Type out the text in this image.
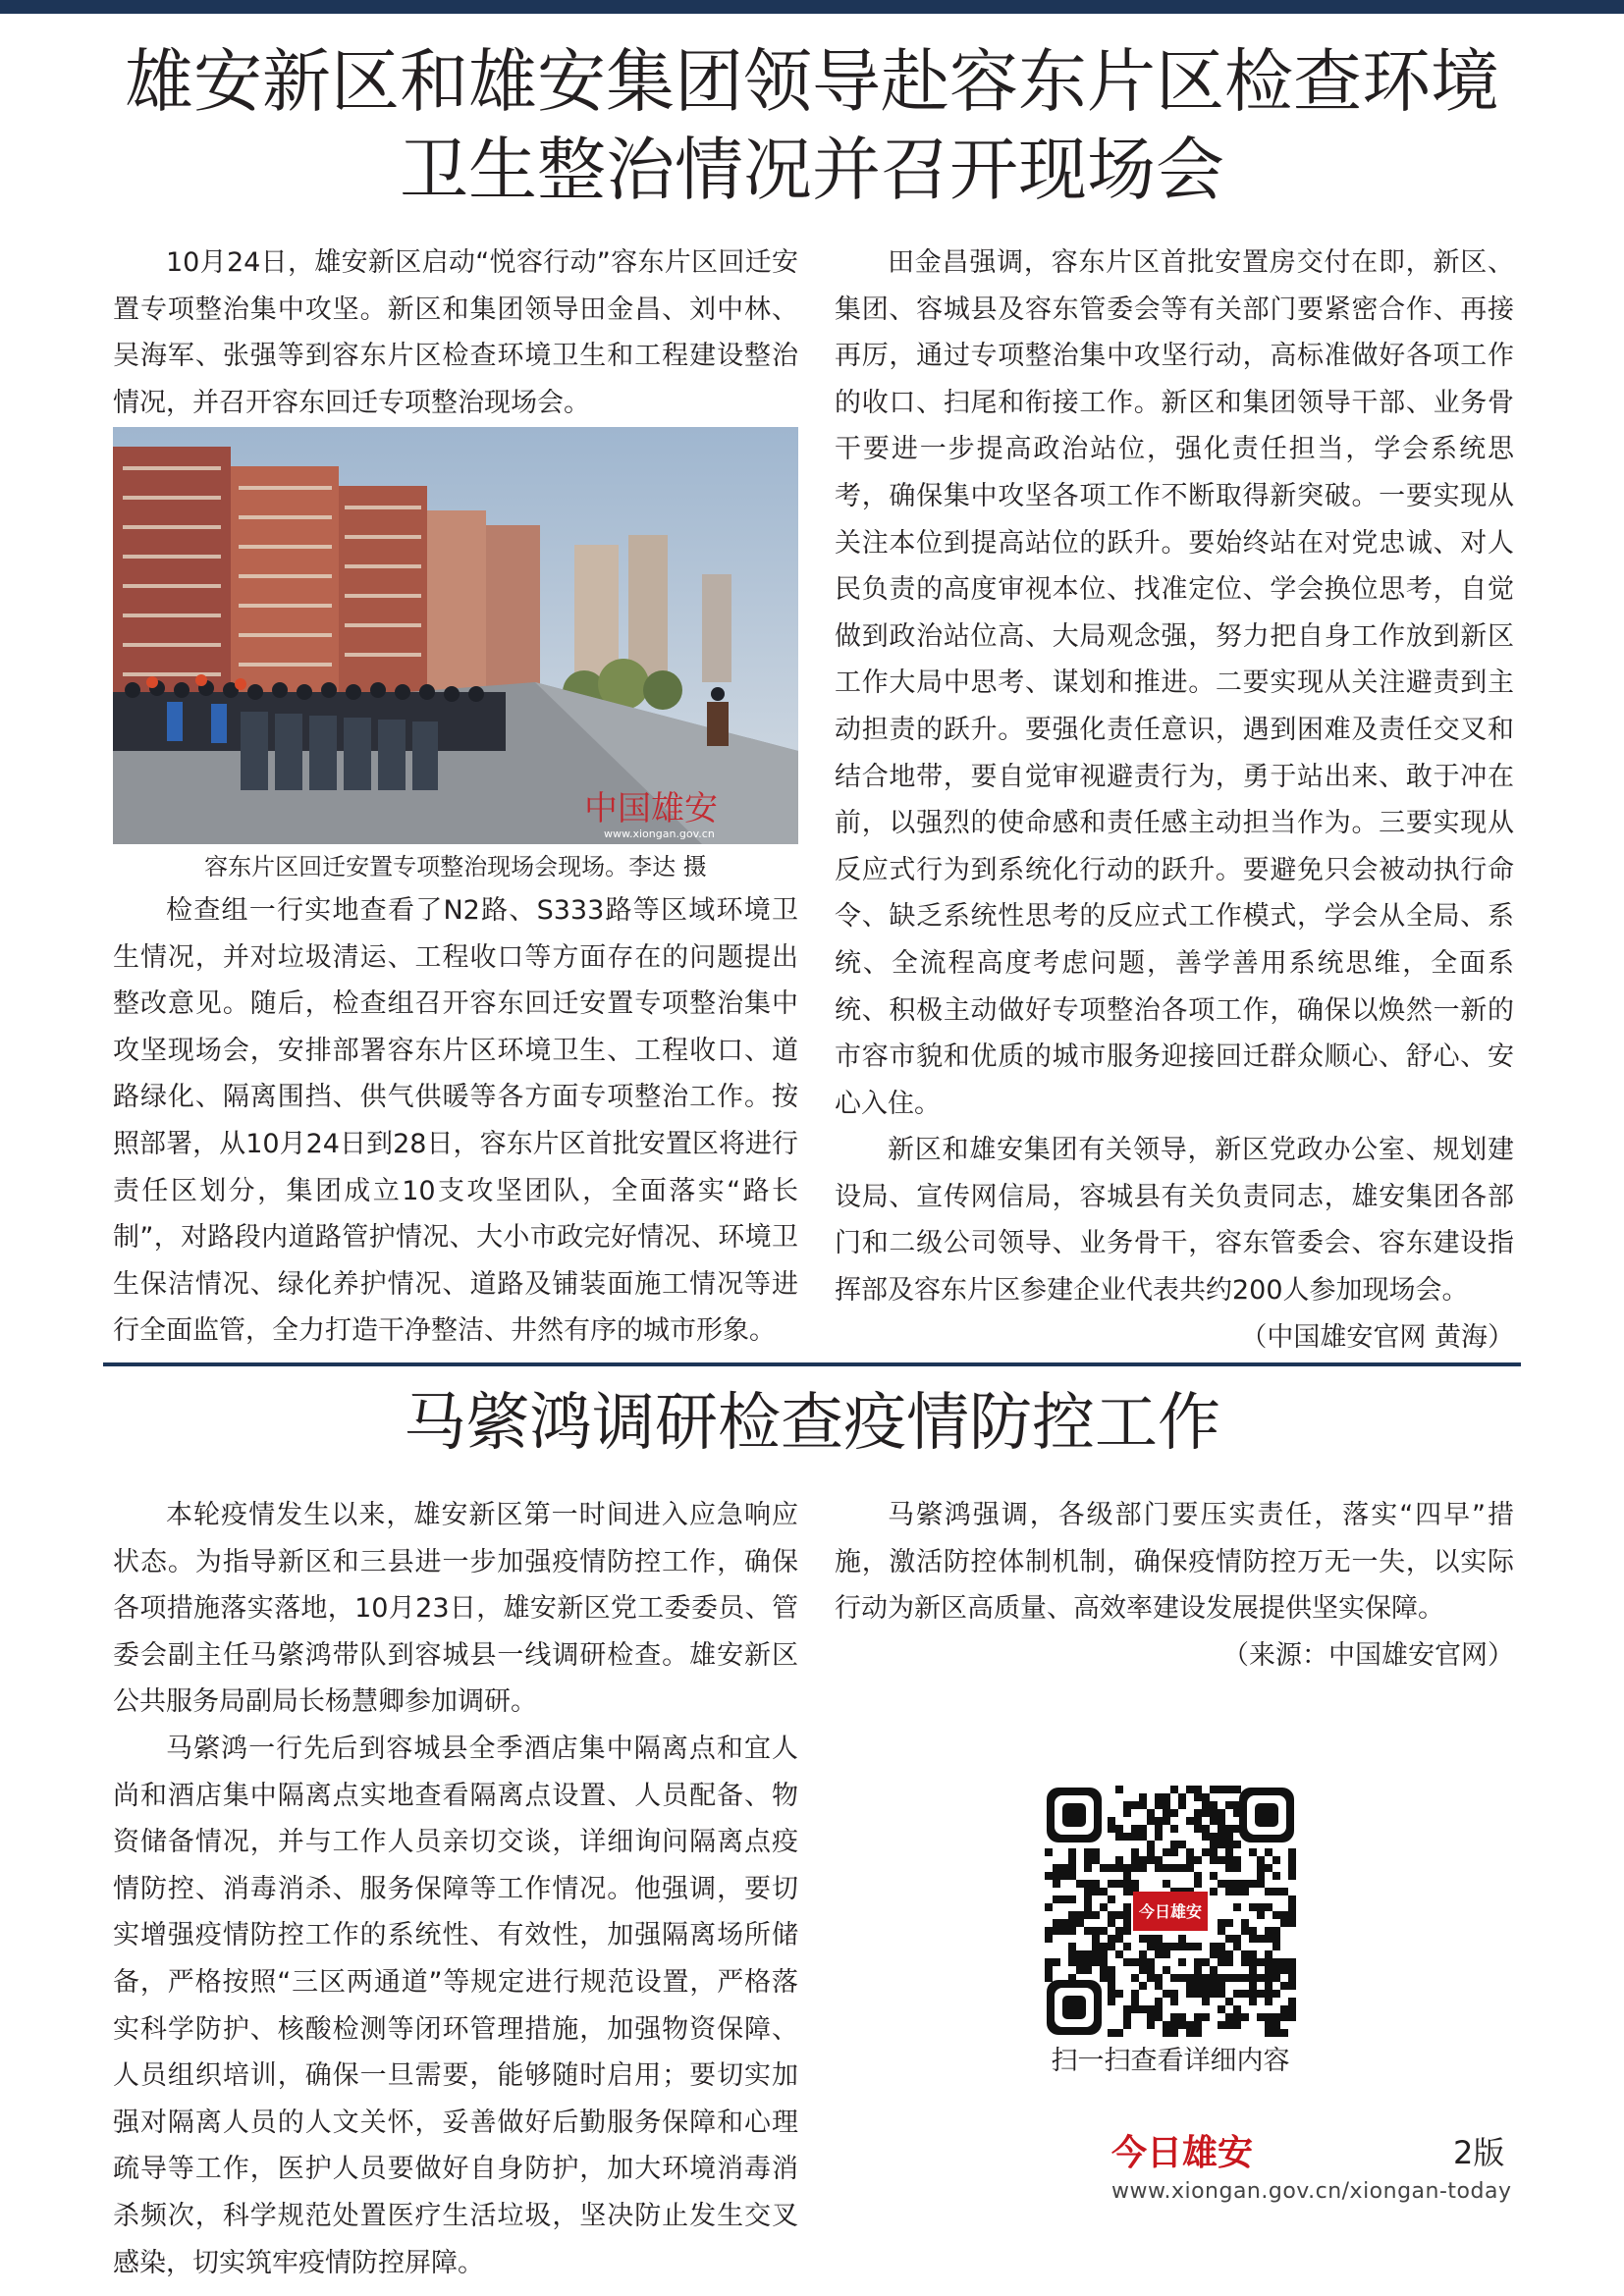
雄安新区和雄安集团领导赴容东片区检查环境
卫生整治情况并召开现场会

10月24日，雄安新区启动“悦容行动”容东片区回迁安置专项整治集中攻坚。新区和集团领导田金昌、刘中林、吴海军、张强等到容东片区检查环境卫生和工程建设整治情况，并召开容东回迁专项整治现场会。

中国雄安
www.xiongan.gov.cn
容东片区回迁安置专项整治现场会现场。李达 摄

检查组一行实地查看了N2路、S333路等区域环境卫生情况，并对垃圾清运、工程收口等方面存在的问题提出整改意见。随后，检查组召开容东回迁安置专项整治集中攻坚现场会，安排部署容东片区环境卫生、工程收口、道路绿化、隔离围挡、供气供暖等各方面专项整治工作。按照部署，从10月24日到28日，容东片区首批安置区将进行责任区划分，集团成立10支攻坚团队，全面落实“路长制”，对路段内道路管护情况、大小市政完好情况、环境卫生保洁情况、绿化养护情况、道路及铺装面施工情况等进行全面监管，全力打造干净整洁、井然有序的城市形象。

田金昌强调，容东片区首批安置房交付在即，新区、集团、容城县及容东管委会等有关部门要紧密合作、再接再厉，通过专项整治集中攻坚行动，高标准做好各项工作的收口、扫尾和衔接工作。新区和集团领导干部、业务骨干要进一步提高政治站位，强化责任担当，学会系统思考，确保集中攻坚各项工作不断取得新突破。一要实现从关注本位到提高站位的跃升。要始终站在对党忠诚、对人民负责的高度审视本位、找准定位、学会换位思考，自觉做到政治站位高、大局观念强，努力把自身工作放到新区工作大局中思考、谋划和推进。二要实现从关注避责到主动担责的跃升。要强化责任意识，遇到困难及责任交叉和结合地带，要自觉审视避责行为，勇于站出来、敢于冲在前，以强烈的使命感和责任感主动担当作为。三要实现从反应式行为到系统化行动的跃升。要避免只会被动执行命令、缺乏系统性思考的反应式工作模式，学会从全局、系统、全流程高度考虑问题，善学善用系统思维，全面系统、积极主动做好专项整治各项工作，确保以焕然一新的市容市貌和优质的城市服务迎接回迁群众顺心、舒心、安心入住。

新区和雄安集团有关领导，新区党政办公室、规划建设局、宣传网信局，容城县有关负责同志，雄安集团各部门和二级公司领导、业务骨干，容东管委会、容东建设指挥部及容东片区参建企业代表共约200人参加现场会。

（中国雄安官网 黄海）
马綮鸿调研检查疫情防控工作

本轮疫情发生以来，雄安新区第一时间进入应急响应状态。为指导新区和三县进一步加强疫情防控工作，确保各项措施落实落地，10月23日，雄安新区党工委委员、管委会副主任马綮鸿带队到容城县一线调研检查。雄安新区公共服务局副局长杨慧卿参加调研。

马綮鸿一行先后到容城县全季酒店集中隔离点和宜人尚和酒店集中隔离点实地查看隔离点设置、人员配备、物资储备情况，并与工作人员亲切交谈，详细询问隔离点疫情防控、消毒消杀、服务保障等工作情况。他强调，要切实增强疫情防控工作的系统性、有效性，加强隔离场所储备，严格按照“三区两通道”等规定进行规范设置，严格落实科学防护、核酸检测等闭环管理措施，加强物资保障、人员组织培训，确保一旦需要，能够随时启用；要切实加强对隔离人员的人文关怀，妥善做好后勤服务保障和心理疏导等工作，医护人员要做好自身防护，加大环境消毒消杀频次，科学规范处置医疗生活垃圾，坚决防止发生交叉感染，切实筑牢疫情防控屏障。

马綮鸿强调，各级部门要压实责任，落实“四早”措施，激活防控体制机制，确保疫情防控万无一失，以实际行动为新区高质量、高效率建设发展提供坚实保障。

（来源：中国雄安官网）
今日雄安
扫一扫查看详细内容
今日雄安	2版
www.xiongan.gov.cn/xiongan-today
